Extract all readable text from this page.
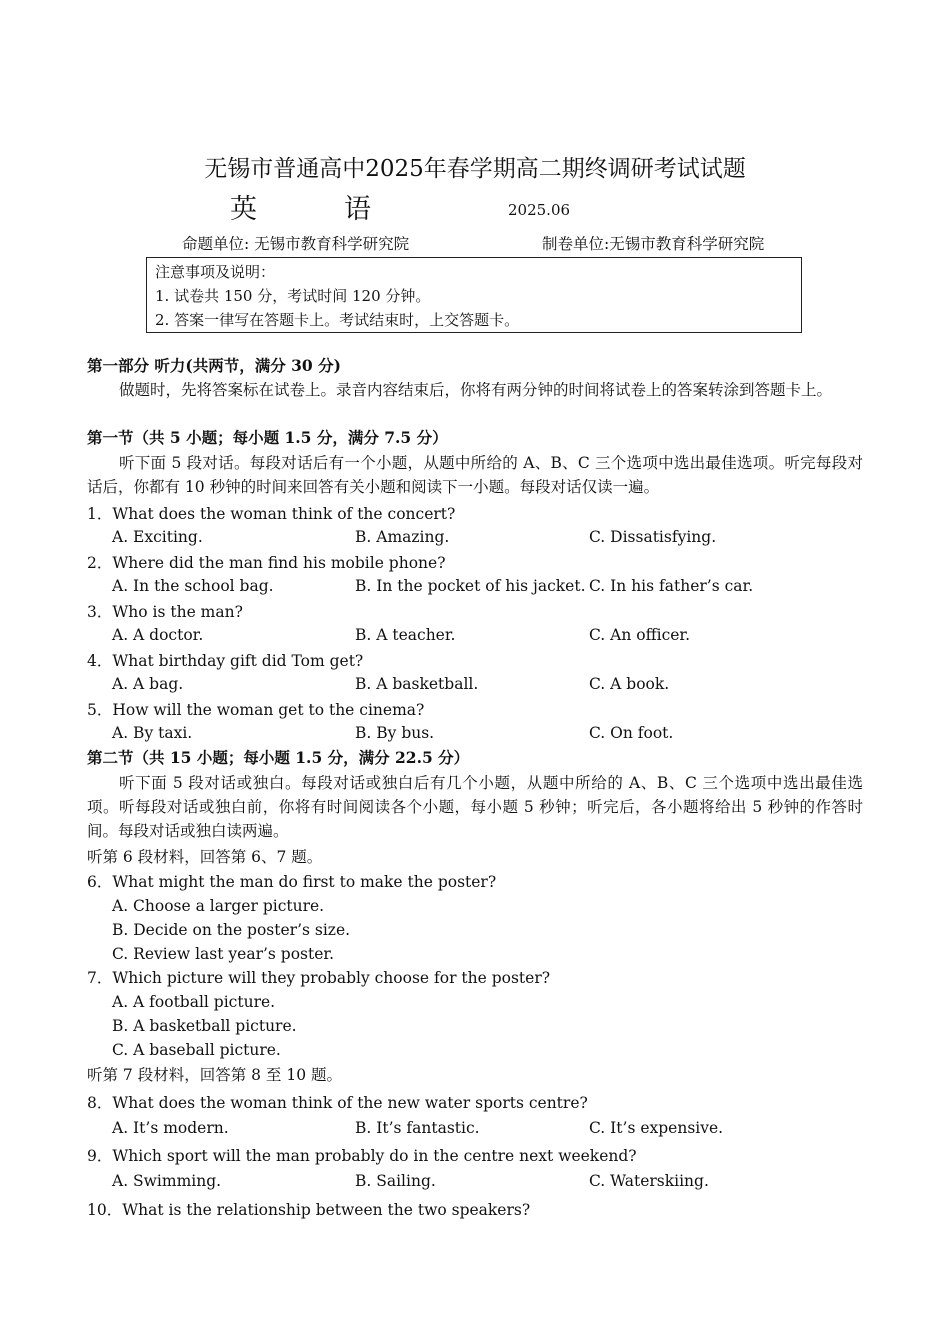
无锡市普通高中2025年春学期高二期终调研考试试题
英　语	2025.06
命题单位: 无锡市教育科学研究院	制卷单位:无锡市教育科学研究院
注意事项及说明：
1. 试卷共 150 分，考试时间 120 分钟。
2. 答案一律写在答题卡上。考试结束时，上交答题卡。
第一部分 听力(共两节，满分 30 分)
做题时，先将答案标在试卷上。录音内容结束后，你将有两分钟的时间将试卷上的答案转涂到答题卡上。
第一节（共 5 小题；每小题 1.5 分，满分 7.5 分）
听下面 5 段对话。每段对话后有一个小题，从题中所给的 A、B、C 三个选项中选出最佳选项。听完每段对话后，你都有 10 秒钟的时间来回答有关小题和阅读下一小题。每段对话仅读一遍。
1．What does the woman think of the concert?
A. Exciting.	B. Amazing.	C. Dissatisfying.
2．Where did the man find his mobile phone?
A. In the school bag.	B. In the pocket of his jacket. C. In his father’s car.
3．Who is the man?
A. A doctor.	B. A teacher.	C. An officer.
4．What birthday gift did Tom get?
A. A bag.	B. A basketball.	C. A book.
5．How will the woman get to the cinema?
A. By taxi.	B. By bus.	C. On foot.
第二节（共 15 小题；每小题 1.5 分，满分 22.5 分）
听下面 5 段对话或独白。每段对话或独白后有几个小题，从题中所给的 A、B、C 三个选项中选出最佳选项。听每段对话或独白前，你将有时间阅读各个小题，每小题 5 秒钟；听完后，各小题将给出 5 秒钟的作答时间。每段对话或独白读两遍。
听第 6 段材料，回答第 6、7 题。
6．What might the man do first to make the poster?
A. Choose a larger picture.
B. Decide on the poster’s size.
C. Review last year’s poster.
7．Which picture will they probably choose for the poster?
A. A football picture.
B. A basketball picture.
C. A baseball picture.
听第 7 段材料，回答第 8 至 10 题。
8．What does the woman think of the new water sports centre?
A. It’s modern.	B. It’s fantastic.	C. It’s expensive.
9．Which sport will the man probably do in the centre next weekend?
A. Swimming.	B. Sailing.	C. Waterskiing.
10．What is the relationship between the two speakers?
